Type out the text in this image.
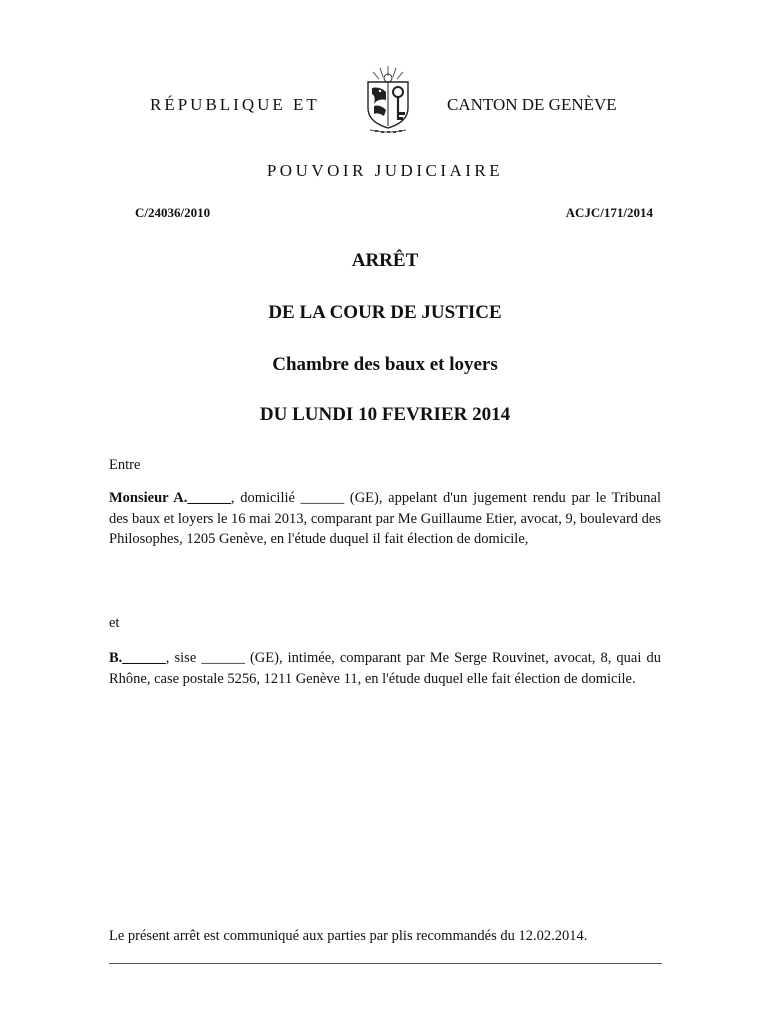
RÉPUBLIQUE ET	CANTON DE GENÈVE
POUVOIR JUDICIAIRE
C/24036/2010	ACJC/171/2014
ARRÊT
DE LA COUR DE JUSTICE
Chambre des baux et loyers
DU LUNDI 10 FEVRIER 2014
Entre
Monsieur A.______, domicilié ______ (GE), appelant d'un jugement rendu par le Tribunal des baux et loyers le 16 mai 2013, comparant par Me Guillaume Etier, avocat, 9, boulevard des Philosophes, 1205 Genève, en l'étude duquel il fait élection de domicile,
et
B.______, sise ______ (GE), intimée, comparant par Me Serge Rouvinet, avocat, 8, quai du Rhône, case postale 5256, 1211 Genève 11, en l'étude duquel elle fait élection de domicile.
Le présent arrêt est communiqué aux parties par plis recommandés du 12.02.2014.
